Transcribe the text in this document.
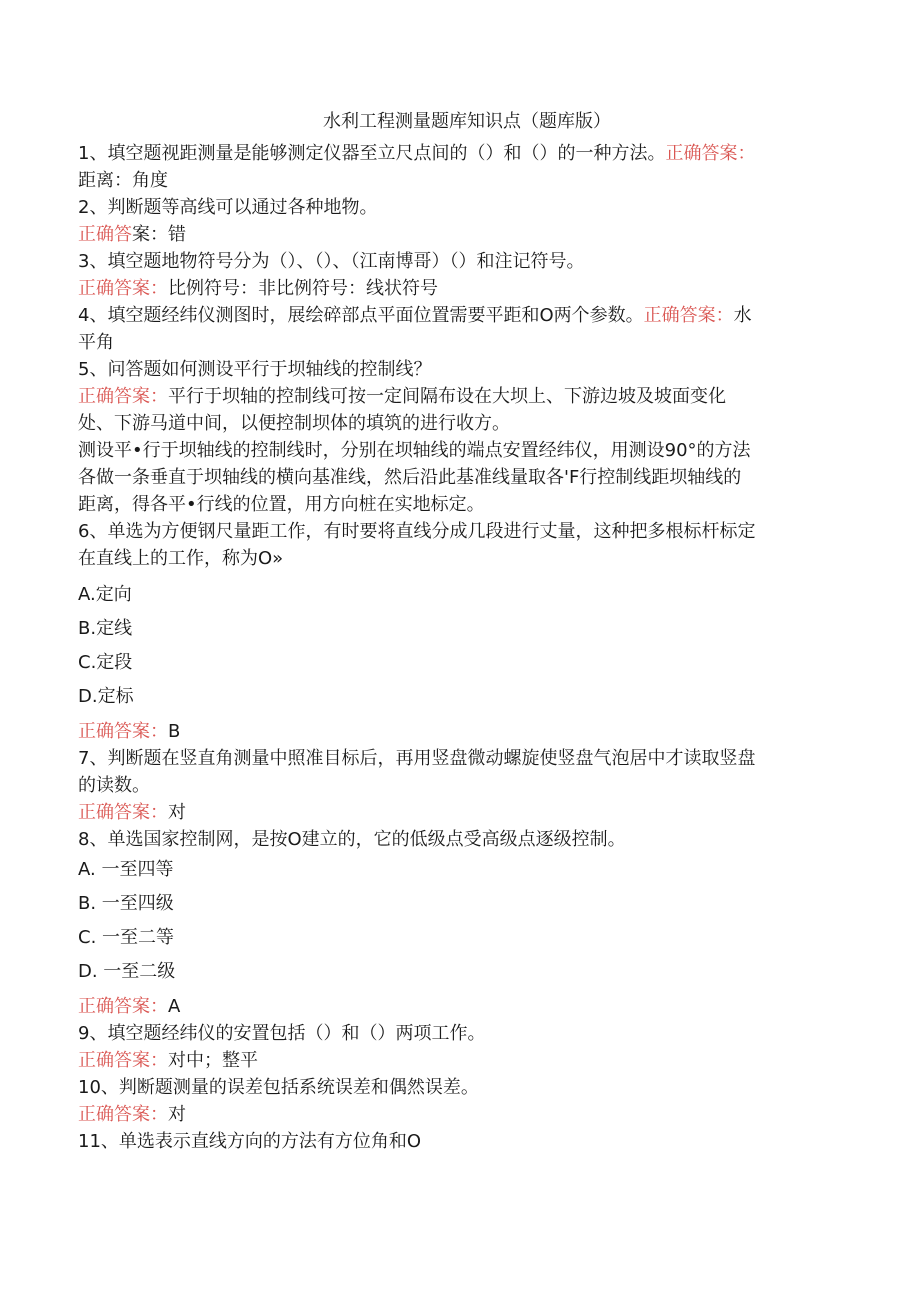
水利工程测量题库知识点（题库版）
1、填空题视距测量是能够测定仪器至立尺点间的（）和（）的一种方法。正确答案：
距离：角度
2、判断题等高线可以通过各种地物。
正确答案：错
3、填空题地物符号分为（）、（）、（江南博哥）（）和注记符号。
正确答案：比例符号：非比例符号：线状符号
4、填空题经纬仪测图时，展绘碎部点平面位置需要平距和O两个参数。正确答案：水
平角
5、问答题如何测设平行于坝轴线的控制线？
正确答案：平行于坝轴的控制线可按一定间隔布设在大坝上、下游边坡及坡面变化
处、下游马道中间，以便控制坝体的填筑的进行收方。
测设平•行于坝轴线的控制线时，分别在坝轴线的端点安置经纬仪，用测设90°的方法
各做一条垂直于坝轴线的横向基准线，然后沿此基准线量取各'F行控制线距坝轴线的
距离，得各平•行线的位置，用方向桩在实地标定。
6、单选为方便钢尺量距工作，有时要将直线分成几段进行丈量，这种把多根标杆标定
在直线上的工作，称为O»
A.定向
B.定线
C.定段
D.定标
正确答案：B
7、判断题在竖直角测量中照准目标后，再用竖盘微动螺旋使竖盘气泡居中才读取竖盘
的读数。
正确答案：对
8、单选国家控制网，是按O建立的，它的低级点受高级点逐级控制。
A. 一至四等
B. 一至四级
C. 一至二等
D. 一至二级
正确答案：A
9、填空题经纬仪的安置包括（）和（）两项工作。
正确答案：对中；整平
10、判断题测量的误差包括系统误差和偶然误差。
正确答案：对
11、单选表示直线方向的方法有方位角和O
